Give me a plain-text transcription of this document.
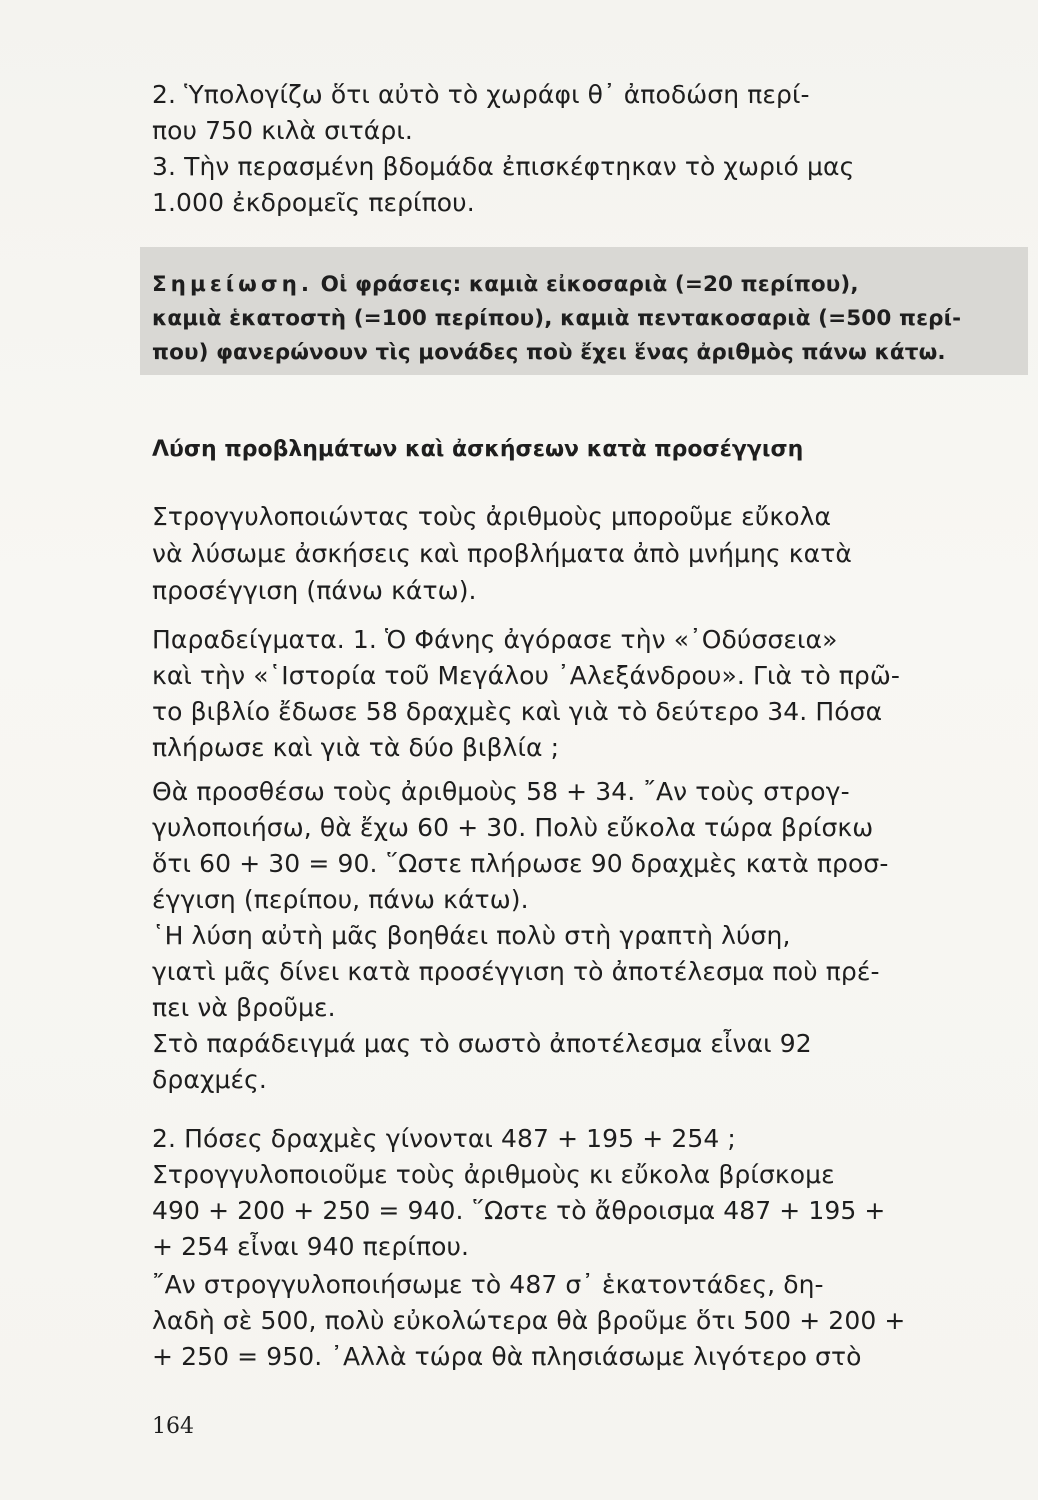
2. Ὑπολογίζω ὅτι αὐτὸ τὸ χωράφι θ᾿ ἀποδώση περί-
που 750 κιλὰ σιτάρι.
3. Τὴν περασμένη βδομάδα ἐπισκέφτηκαν τὸ χωριό μας
1.000 ἐκδρομεῖς περίπου.
Σημείωση. Οἱ φράσεις: καμιὰ εἰκοσαριὰ (=20 περίπου),
καμιὰ ἑκατοστὴ (=100 περίπου), καμιὰ πεντακοσαριὰ (=500 περί-
που) φανερώνουν τὶς μονάδες ποὺ ἔχει ἕνας ἀριθμὸς πάνω κάτω.
Λύση προβλημάτων καὶ ἀσκήσεων κατὰ προσέγγιση
Στρογγυλοποιώντας τοὺς ἀριθμοὺς μποροῦμε εὔκολα
νὰ λύσωμε ἀσκήσεις καὶ προβλήματα ἀπὸ μνήμης κατὰ
προσέγγιση (πάνω κάτω).
Παραδείγματα. 1. Ὁ Φάνης ἀγόρασε τὴν «᾿Οδύσσεια»
καὶ τὴν «῾Ιστορία τοῦ Μεγάλου ᾿Αλεξάνδρου». Γιὰ τὸ πρῶ-
το βιβλίο ἔδωσε 58 δραχμὲς καὶ γιὰ τὸ δεύτερο 34. Πόσα
πλήρωσε καὶ γιὰ τὰ δύο βιβλία ;
Θὰ προσθέσω τοὺς ἀριθμοὺς 58 + 34. ῎Αν τοὺς στρογ-
γυλοποιήσω, θὰ ἔχω 60 + 30. Πολὺ εὔκολα τώρα βρίσκω
ὅτι 60 + 30 = 90. ῞Ωστε πλήρωσε 90 δραχμὲς κατὰ προσ-
έγγιση (περίπου, πάνω κάτω).
῾Η λύση αὐτὴ μᾶς βοηθάει πολὺ στὴ γραπτὴ λύση,
γιατὶ μᾶς δίνει κατὰ προσέγγιση τὸ ἀποτέλεσμα ποὺ πρέ-
πει νὰ βροῦμε.
Στὸ παράδειγμά μας τὸ σωστὸ ἀποτέλεσμα εἶναι 92
δραχμές.
2. Πόσες δραχμὲς γίνονται 487 + 195 + 254 ;
Στρογγυλοποιοῦμε τοὺς ἀριθμοὺς κι εὔκολα βρίσκομε
490 + 200 + 250 = 940. ῞Ωστε τὸ ἄθροισμα 487 + 195 +
+ 254 εἶναι 940 περίπου.
῎Αν στρογγυλοποιήσωμε τὸ 487 σ᾿ ἑκατοντάδες, δη-
λαδὴ σὲ 500, πολὺ εὐκολώτερα θὰ βροῦμε ὅτι 500 + 200 +
+ 250 = 950. ᾿Αλλὰ τώρα θὰ πλησιάσωμε λιγότερο στὸ
164
